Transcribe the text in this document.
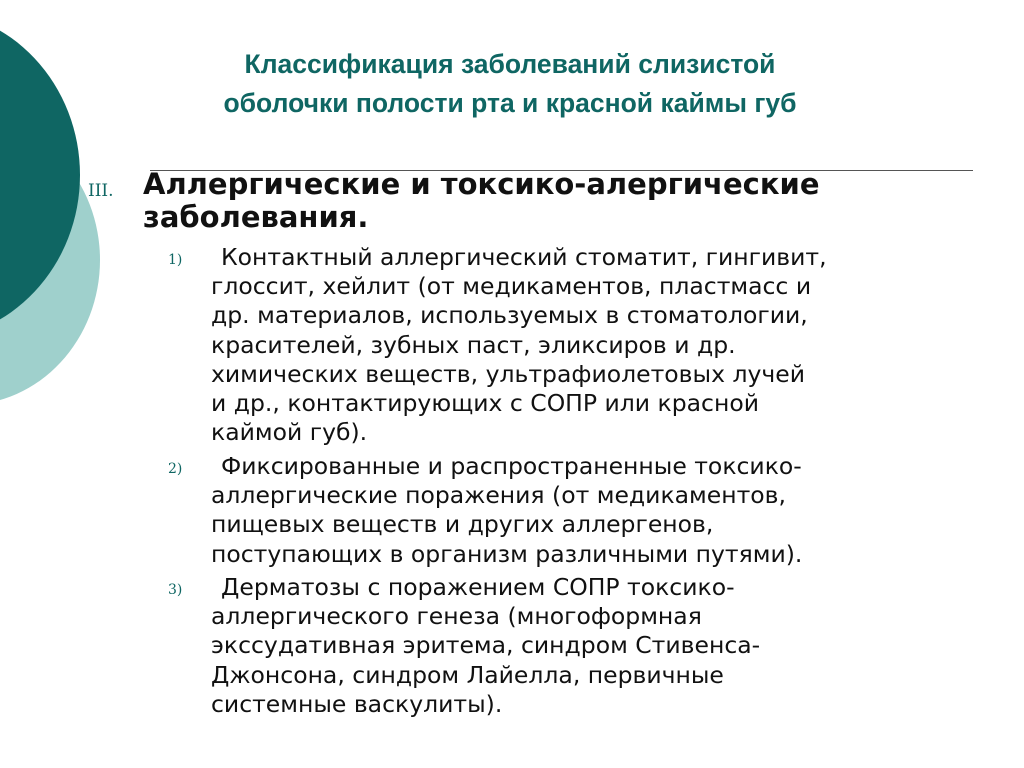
Классификация заболеваний слизистой
оболочки полости рта и красной каймы губ
III. Аллергические и токсико-алергические
заболевания.
1)	Контактный аллергический стоматит, гингивит,
глоссит, хейлит (от медикаментов, пластмасс и
др. материалов, используемых в стоматологии,
красителей, зубных паст, эликсиров и др.
химических веществ, ультрафиолетовых лучей
и др., контактирующих с СОПР или красной
каймой губ).
2)	Фиксированные и распространенные токсико-
аллергические поражения (от медикаментов,
пищевых веществ и других аллергенов,
поступающих в организм различными путями).
3)	Дерматозы с поражением СОПР токсико-
аллергического генеза (многоформная
экссудативная эритема, синдром Стивенса-
Джонсона, синдром Лайелла, первичные
системные васкулиты).
